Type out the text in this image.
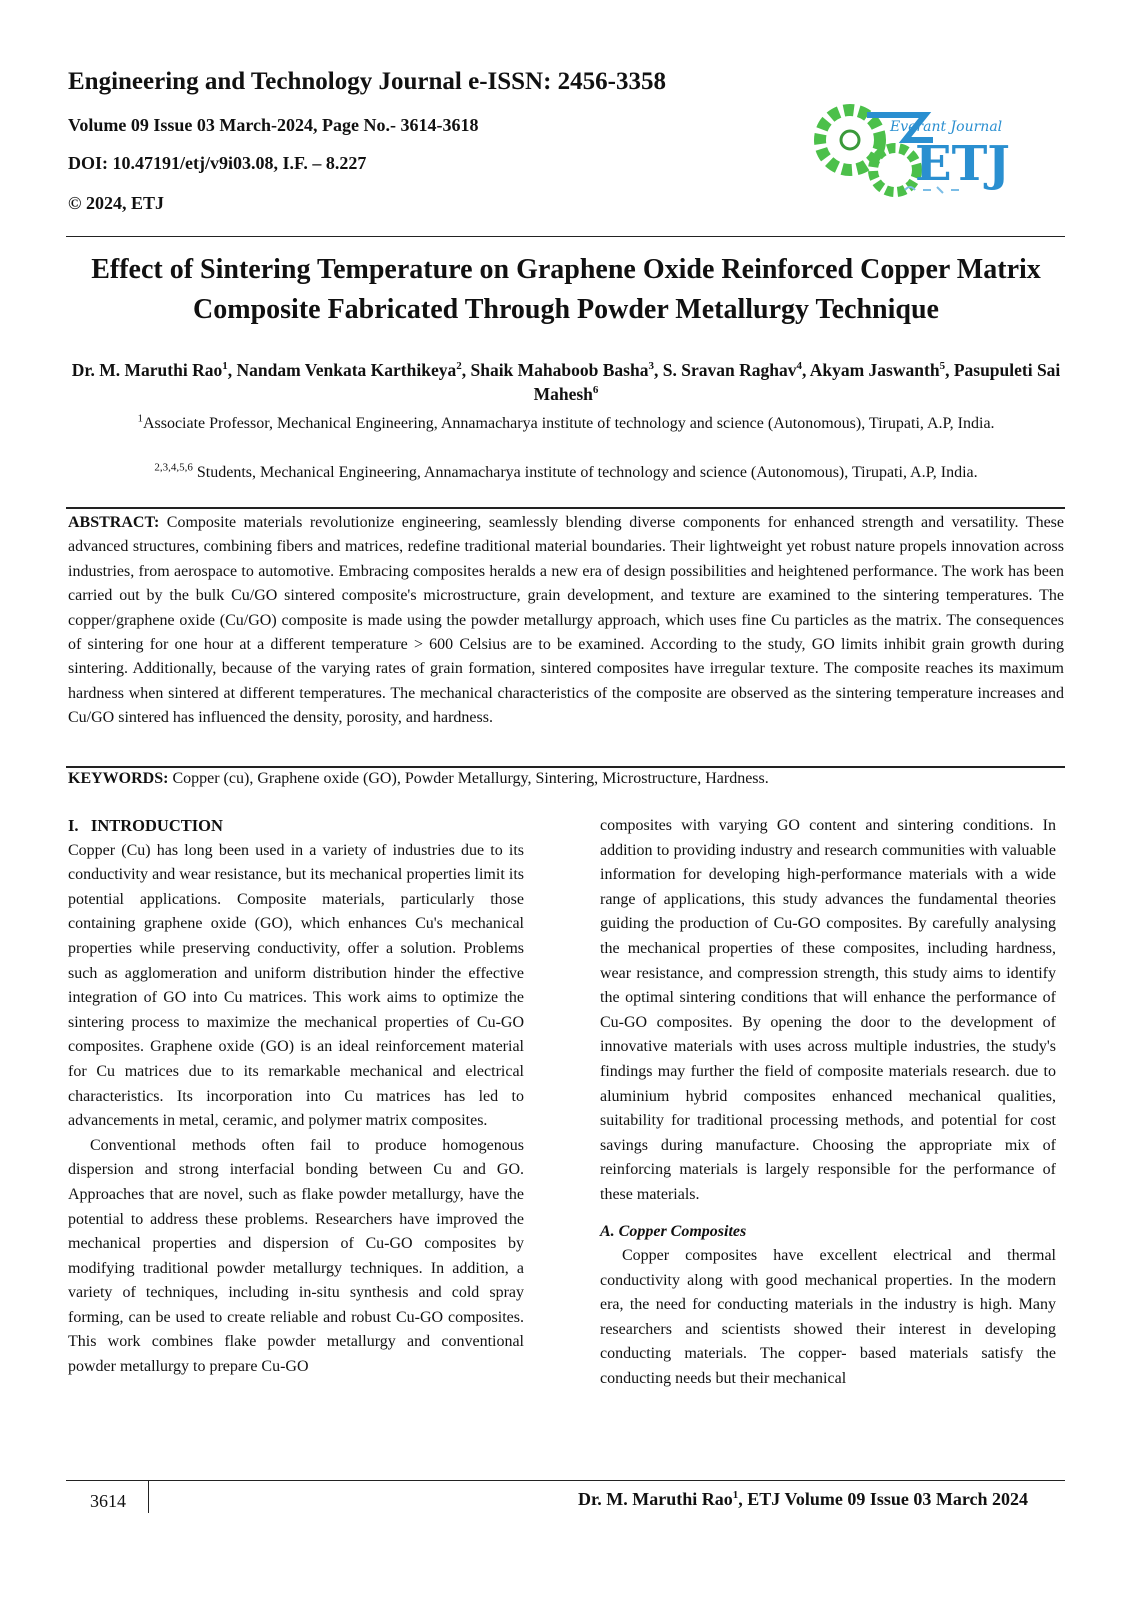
Engineering and Technology Journal e-ISSN: 2456-3358
Volume 09 Issue 03 March-2024, Page No.- 3614-3618
DOI: 10.47191/etj/v9i03.08, I.F. – 8.227
© 2024, ETJ
Everant Journal
ETJ
Effect of Sintering Temperature on Graphene Oxide Reinforced Copper Matrix Composite Fabricated Through Powder Metallurgy Technique
Dr. M. Maruthi Rao$^1$, Nandam Venkata Karthikeya$^2$, Shaik Mahaboob Basha$^3$, S. Sravan Raghav$^4$, Akyam Jaswanth$^5$, Pasupuleti Sai Mahesh$^6$
$^1$Associate Professor, Mechanical Engineering, Annamacharya institute of technology and science (Autonomous), Tirupati, A.P, India.
$^{2,3,4,5,6}$ Students, Mechanical Engineering, Annamacharya institute of technology and science (Autonomous), Tirupati, A.P, India.
ABSTRACT: Composite materials revolutionize engineering, seamlessly blending diverse components for enhanced strength and versatility. These advanced structures, combining fibers and matrices, redefine traditional material boundaries. Their lightweight yet robust nature propels innovation across industries, from aerospace to automotive. Embracing composites heralds a new era of design possibilities and heightened performance. The work has been carried out by the bulk Cu/GO sintered composite's microstructure, grain development, and texture are examined to the sintering temperatures. The copper/graphene oxide (Cu/GO) composite is made using the powder metallurgy approach, which uses fine Cu particles as the matrix. The consequences of sintering for one hour at a different temperature > 600 Celsius are to be examined. According to the study, GO limits inhibit grain growth during sintering. Additionally, because of the varying rates of grain formation, sintered composites have irregular texture. The composite reaches its maximum hardness when sintered at different temperatures. The mechanical characteristics of the composite are observed as the sintering temperature increases and Cu/GO sintered has influenced the density, porosity, and hardness.
KEYWORDS: Copper (cu), Graphene oxide (GO), Powder Metallurgy, Sintering, Microstructure, Hardness.

I.   INTRODUCTION

Copper (Cu) has long been used in a variety of industries due to its conductivity and wear resistance, but its mechanical properties limit its potential applications. Composite materials, particularly those containing graphene oxide (GO), which enhances Cu's mechanical properties while preserving conductivity, offer a solution. Problems such as agglomeration and uniform distribution hinder the effective integration of GO into Cu matrices. This work aims to optimize the sintering process to maximize the mechanical properties of Cu-GO composites. Graphene oxide (GO) is an ideal reinforcement material for Cu matrices due to its remarkable mechanical and electrical characteristics. Its incorporation into Cu matrices has led to advancements in metal, ceramic, and polymer matrix composites.

Conventional methods often fail to produce homogenous dispersion and strong interfacial bonding between Cu and GO. Approaches that are novel, such as flake powder metallurgy, have the potential to address these problems. Researchers have improved the mechanical properties and dispersion of Cu-GO composites by modifying traditional powder metallurgy techniques. In addition, a variety of techniques, including in-situ synthesis and cold spray forming, can be used to create reliable and robust Cu-GO composites. This work combines flake powder metallurgy and conventional powder metallurgy to prepare Cu-GO

composites with varying GO content and sintering conditions. In addition to providing industry and research communities with valuable information for developing high-performance materials with a wide range of applications, this study advances the fundamental theories guiding the production of Cu-GO composites. By carefully analysing the mechanical properties of these composites, including hardness, wear resistance, and compression strength, this study aims to identify the optimal sintering conditions that will enhance the performance of Cu-GO composites. By opening the door to the development of innovative materials with uses across multiple industries, the study's findings may further the field of composite materials research. due to aluminium hybrid composites enhanced mechanical qualities, suitability for traditional processing methods, and potential for cost savings during manufacture. Choosing the appropriate mix of reinforcing materials is largely responsible for the performance of these materials.

A. Copper Composites

Copper composites have excellent electrical and thermal conductivity along with good mechanical properties. In the modern era, the need for conducting materials in the industry is high. Many researchers and scientists showed their interest in developing conducting materials. The copper- based materials satisfy the conducting needs but their mechanical

3614	Dr. M. Maruthi Rao$^1$, ETJ Volume 09 Issue 03 March 2024
